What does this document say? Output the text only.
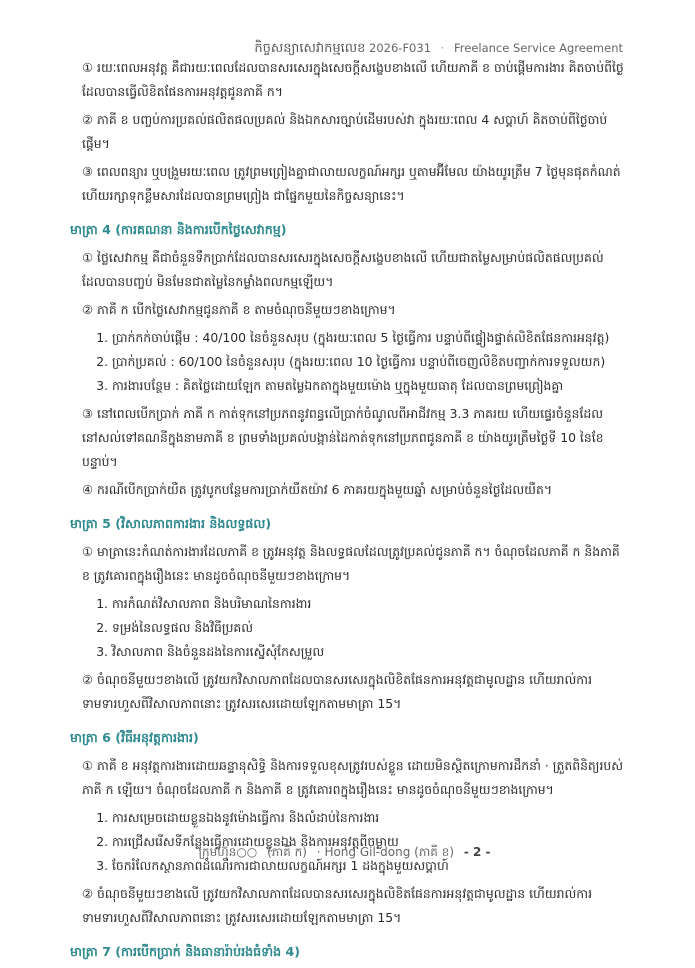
កិច្ចសន្យាសេវាកម្មលេខ 2026-F031 · Freelance Service Agreement

① រយៈពេលអនុវត្ត គឺជារយៈពេលដែលបានសរសេរក្នុងសេចក្តីសង្ខេបខាងលើ ហើយភាគី ខ ចាប់ផ្តើមការងារ គិតចាប់ពីថ្ងៃដែលបានធ្វើលិខិតផែនការអនុវត្តជូនភាគី ក។

② ភាគី ខ បញ្ចប់ការប្រគល់ផលិតផលប្រគល់ និងឯកសារច្បាប់ដើមរបស់វា ក្នុងរយៈពេល 4 សប្តាហ៍ គិតចាប់ពីថ្ងៃចាប់ផ្តើម។

③ ពេលពន្យារ ឬបង្រួមរយៈពេល ត្រូវព្រមព្រៀងគ្នាជាលាយលក្ខណ៍អក្សរ ឬតាមអ៊ីមែល យ៉ាងយូរត្រឹម 7 ថ្ងៃមុនផុតកំណត់ ហើយរក្សាទុកខ្លឹមសារដែលបានព្រមព្រៀង ជាផ្នែកមួយនៃកិច្ចសន្យានេះ។

មាត្រា 4 (ការគណនា និងការបើកថ្លៃសេវាកម្ម)

① ថ្លៃសេវាកម្ម គឺជាចំនួនទឹកប្រាក់ដែលបានសរសេរក្នុងសេចក្តីសង្ខេបខាងលើ ហើយជាតម្លៃសម្រាប់ផលិតផលប្រគល់ដែលបានបញ្ចប់ មិនមែនជាតម្លៃនៃកម្លាំងពលកម្មឡើយ។

② ភាគី ក បើកថ្លៃសេវាកម្មជូនភាគី ខ តាមចំណុចនីមួយៗខាងក្រោម។

1. ប្រាក់កក់ចាប់ផ្តើម : 40/100 នៃចំនួនសរុប (ក្នុងរយៈពេល 5 ថ្ងៃធ្វើការ បន្ទាប់ពីផ្ទៀងផ្ទាត់លិខិតផែនការអនុវត្ត)
2. ប្រាក់ប្រគល់ : 60/100 នៃចំនួនសរុប (ក្នុងរយៈពេល 10 ថ្ងៃធ្វើការ បន្ទាប់ពីចេញលិខិតបញ្ជាក់ការទទួលយក)
3. ការងារបន្ថែម : គិតថ្លៃដោយឡែក តាមតម្លៃឯកតាក្នុងមួយម៉ោង ឬក្នុងមួយធាតុ ដែលបានព្រមព្រៀងគ្នា

③ នៅពេលបើកប្រាក់ ភាគី ក កាត់ទុកនៅប្រភពនូវពន្ធលើប្រាក់ចំណូលពីអាជីវកម្ម 3.3 ភាគរយ ហើយផ្ទេរចំនួនដែលនៅសល់ទៅគណនីក្នុងនាមភាគី ខ ព្រមទាំងប្រគល់បង្កាន់ដៃកាត់ទុកនៅប្រភពជូនភាគី ខ យ៉ាងយូរត្រឹមថ្ងៃទី 10 នៃខែបន្ទាប់។

④ ករណីបើកប្រាក់យឺត ត្រូវបូកបន្ថែមការប្រាក់យឺតយ៉ាវ 6 ភាគរយក្នុងមួយឆ្នាំ សម្រាប់ចំនួនថ្ងៃដែលយឺត។

មាត្រា 5 (វិសាលភាពការងារ និងលទ្ធផល)

① មាត្រានេះកំណត់ការងារដែលភាគី ខ ត្រូវអនុវត្ត និងលទ្ធផលដែលត្រូវប្រគល់ជូនភាគី ក។ ចំណុចដែលភាគី ក និងភាគី ខ ត្រូវគោរពក្នុងរឿងនេះ មានដូចចំណុចនីមួយៗខាងក្រោម។

1. ការកំណត់វិសាលភាព និងបរិមាណនៃការងារ
2. ទម្រង់នៃលទ្ធផល និងវិធីប្រគល់
3. វិសាលភាព និងចំនួនដងនៃការស្នើសុំកែសម្រួល

② ចំណុចនីមួយៗខាងលើ ត្រូវយកវិសាលភាពដែលបានសរសេរក្នុងលិខិតផែនការអនុវត្តជាមូលដ្ឋាន ហើយរាល់ការទាមទារហួសពីវិសាលភាពនោះ ត្រូវសរសេរដោយឡែកតាមមាត្រា 15។

មាត្រា 6 (វិធីអនុវត្តការងារ)

① ភាគី ខ អនុវត្តការងារដោយឆន្ទានុសិទ្ធិ និងការទទួលខុសត្រូវរបស់ខ្លួន ដោយមិនស្ថិតក្រោមការដឹកនាំ · ត្រួតពិនិត្យរបស់ភាគី ក ឡើយ។ ចំណុចដែលភាគី ក និងភាគី ខ ត្រូវគោរពក្នុងរឿងនេះ មានដូចចំណុចនីមួយៗខាងក្រោម។

1. ការសម្រេចដោយខ្លួនឯងនូវម៉ោងធ្វើការ និងលំដាប់នៃការងារ
2. ការជ្រើសរើសទីកន្លែងធ្វើការដោយខ្លួនឯង និងការអនុវត្តពីចម្ងាយ
3. ចែករំលែកស្ថានភាពដំណើរការជាលាយលក្ខណ៍អក្សរ 1 ដងក្នុងមួយសប្តាហ៍

② ចំណុចនីមួយៗខាងលើ ត្រូវយកវិសាលភាពដែលបានសរសេរក្នុងលិខិតផែនការអនុវត្តជាមូលដ្ឋាន ហើយរាល់ការទាមទារហួសពីវិសាលភាពនោះ ត្រូវសរសេរដោយឡែកតាមមាត្រា 15។

មាត្រា 7 (ការបើកប្រាក់ និងធានារ៉ាប់រងធំទាំង 4)
ក្រុមហ៊ុន○○ (ភាគី ក) · Hong Gil-dong (ភាគី ខ) - 2 -
